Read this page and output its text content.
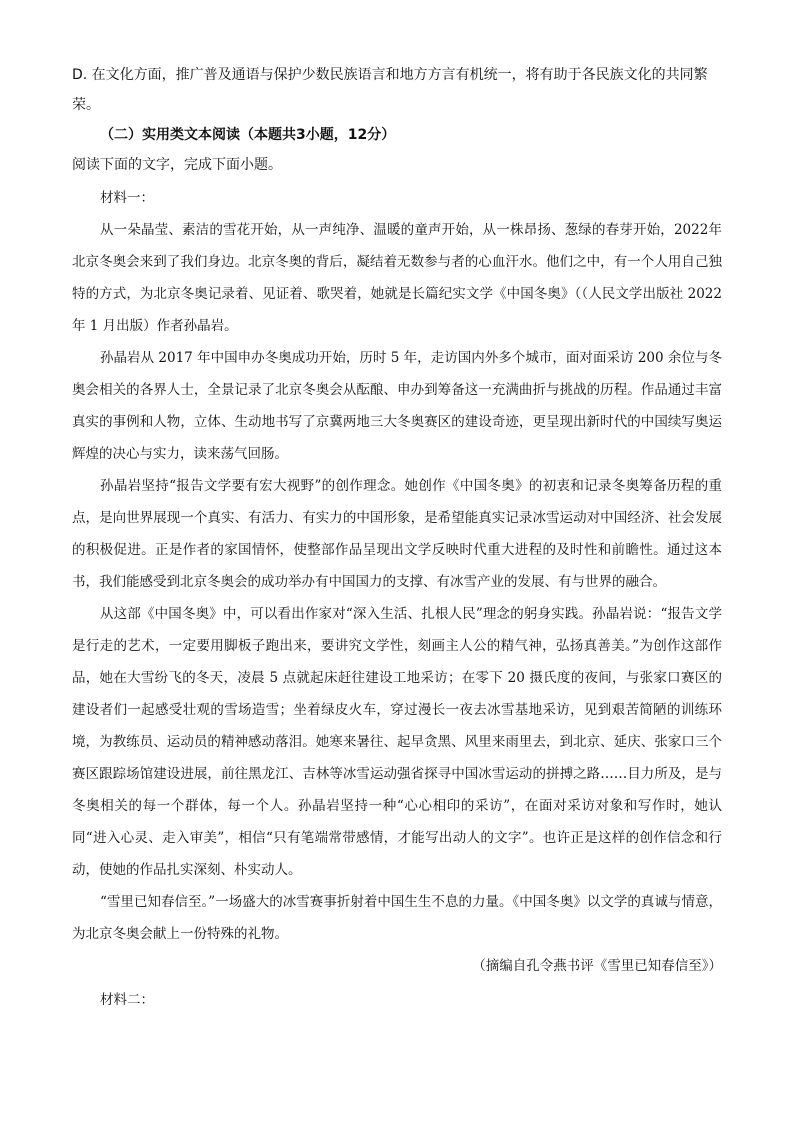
D. 在文化方面，推广普及通语与保护少数民族语言和地方方言有机统一，将有助于各民族文化的共同繁荣。

（二）实用类文本阅读（本题共3小题，12分）

阅读下面的文字，完成下面小题。

材料一：

从一朵晶莹、素洁的雪花开始，从一声纯净、温暖的童声开始，从一株昂扬、葱绿的春芽开始，2022年北京冬奥会来到了我们身边。北京冬奥的背后，凝结着无数参与者的心血汗水。他们之中，有一个人用自己独特的方式，为北京冬奥记录着、见证着、歌哭着，她就是长篇纪实文学《中国冬奥》（（人民文学出版社 2022 年 1 月出版）作者孙晶岩。

孙晶岩从 2017 年中国申办冬奥成功开始，历时 5 年，走访国内外多个城市，面对面采访 200 余位与冬奥会相关的各界人士，全景记录了北京冬奥会从酝酿、申办到筹备这一充满曲折与挑战的历程。作品通过丰富真实的事例和人物，立体、生动地书写了京冀两地三大冬奥赛区的建设奇迹，更呈现出新时代的中国续写奥运辉煌的决心与实力，读来荡气回肠。

孙晶岩坚持“报告文学要有宏大视野”的创作理念。她创作《中国冬奥》的初衷和记录冬奥筹备历程的重点，是向世界展现一个真实、有活力、有实力的中国形象，是希望能真实记录冰雪运动对中国经济、社会发展的积极促进。正是作者的家国情怀，使整部作品呈现出文学反映时代重大进程的及时性和前瞻性。通过这本书，我们能感受到北京冬奥会的成功举办有中国国力的支撑、有冰雪产业的发展、有与世界的融合。

从这部《中国冬奥》中，可以看出作家对“深入生活、扎根人民”理念的躬身实践。孙晶岩说：“报告文学是行走的艺术，一定要用脚板子跑出来，要讲究文学性，刻画主人公的精气神，弘扬真善美。”为创作这部作品，她在大雪纷飞的冬天，凌晨 5 点就起床赶往建设工地采访；在零下 20 摄氏度的夜间，与张家口赛区的建设者们一起感受壮观的雪场造雪；坐着绿皮火车，穿过漫长一夜去冰雪基地采访，见到艰苦简陋的训练环境，为教练员、运动员的精神感动落泪。她寒来暑往、起早贪黑、风里来雨里去，到北京、延庆、张家口三个赛区跟踪场馆建设进展，前往黑龙江、吉林等冰雪运动强省探寻中国冰雪运动的拼搏之路……目力所及，是与冬奥相关的每一个群体，每一个人。孙晶岩坚持一种“心心相印的采访”，在面对采访对象和写作时，她认同“进入心灵、走入审美”，相信“只有笔端常带感情，才能写出动人的文字”。也许正是这样的创作信念和行动，使她的作品扎实深刻、朴实动人。

“雪里已知春信至。”一场盛大的冰雪赛事折射着中国生生不息的力量。《中国冬奥》以文学的真诚与情意，为北京冬奥会献上一份特殊的礼物。

（摘编自孔令燕书评《雪里已知春信至》）

材料二：
